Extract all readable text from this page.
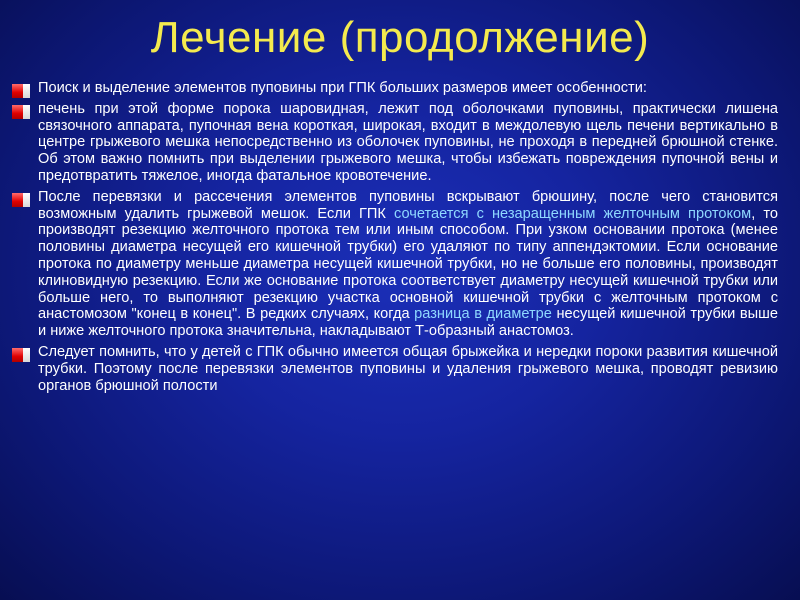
Лечение (продолжение)

Поиск и выделение элементов пуповины при ГПК больших размеров имеет особенности:

печень при этой форме порока шаровидная, лежит под оболочками пуповины, практически лишена связочного аппарата, пупочная вена короткая, широкая, входит в междолевую щель печени вертикально в центре грыжевого мешка непосредственно из оболочек пуповины, не проходя в передней брюшной стенке. Об этом важно помнить при выделении грыжевого мешка, чтобы избежать повреждения пупочной вены и предотвратить тяжелое, иногда фатальное кровотечение.

После перевязки и рассечения элементов пуповины вскрывают брюшину, после чего становится возможным удалить грыжевой мешок. Если ГПК сочетается с незаращенным желточным протоком, то производят резекцию желточного протока тем или иным способом. При узком основании протока (менее половины диаметра несущей его кишечной трубки) его удаляют по типу аппендэктомии. Если основание протока по диаметру меньше диаметра несущей кишечной трубки, но не больше его половины, производят клиновидную резекцию. Если же основание протока соответствует диаметру несущей кишечной трубки или больше него, то выполняют резекцию участка основной кишечной трубки с желточным протоком с анастомозом "конец в конец". В редких случаях, когда разница в диаметре несущей кишечной трубки выше и ниже желточного протока значительна, накладывают Т-образный анастомоз.

Следует помнить, что у детей с ГПК обычно имеется общая брыжейка и нередки пороки развития кишечной трубки. Поэтому после перевязки элементов пуповины и удаления грыжевого мешка, проводят ревизию органов брюшной полости
